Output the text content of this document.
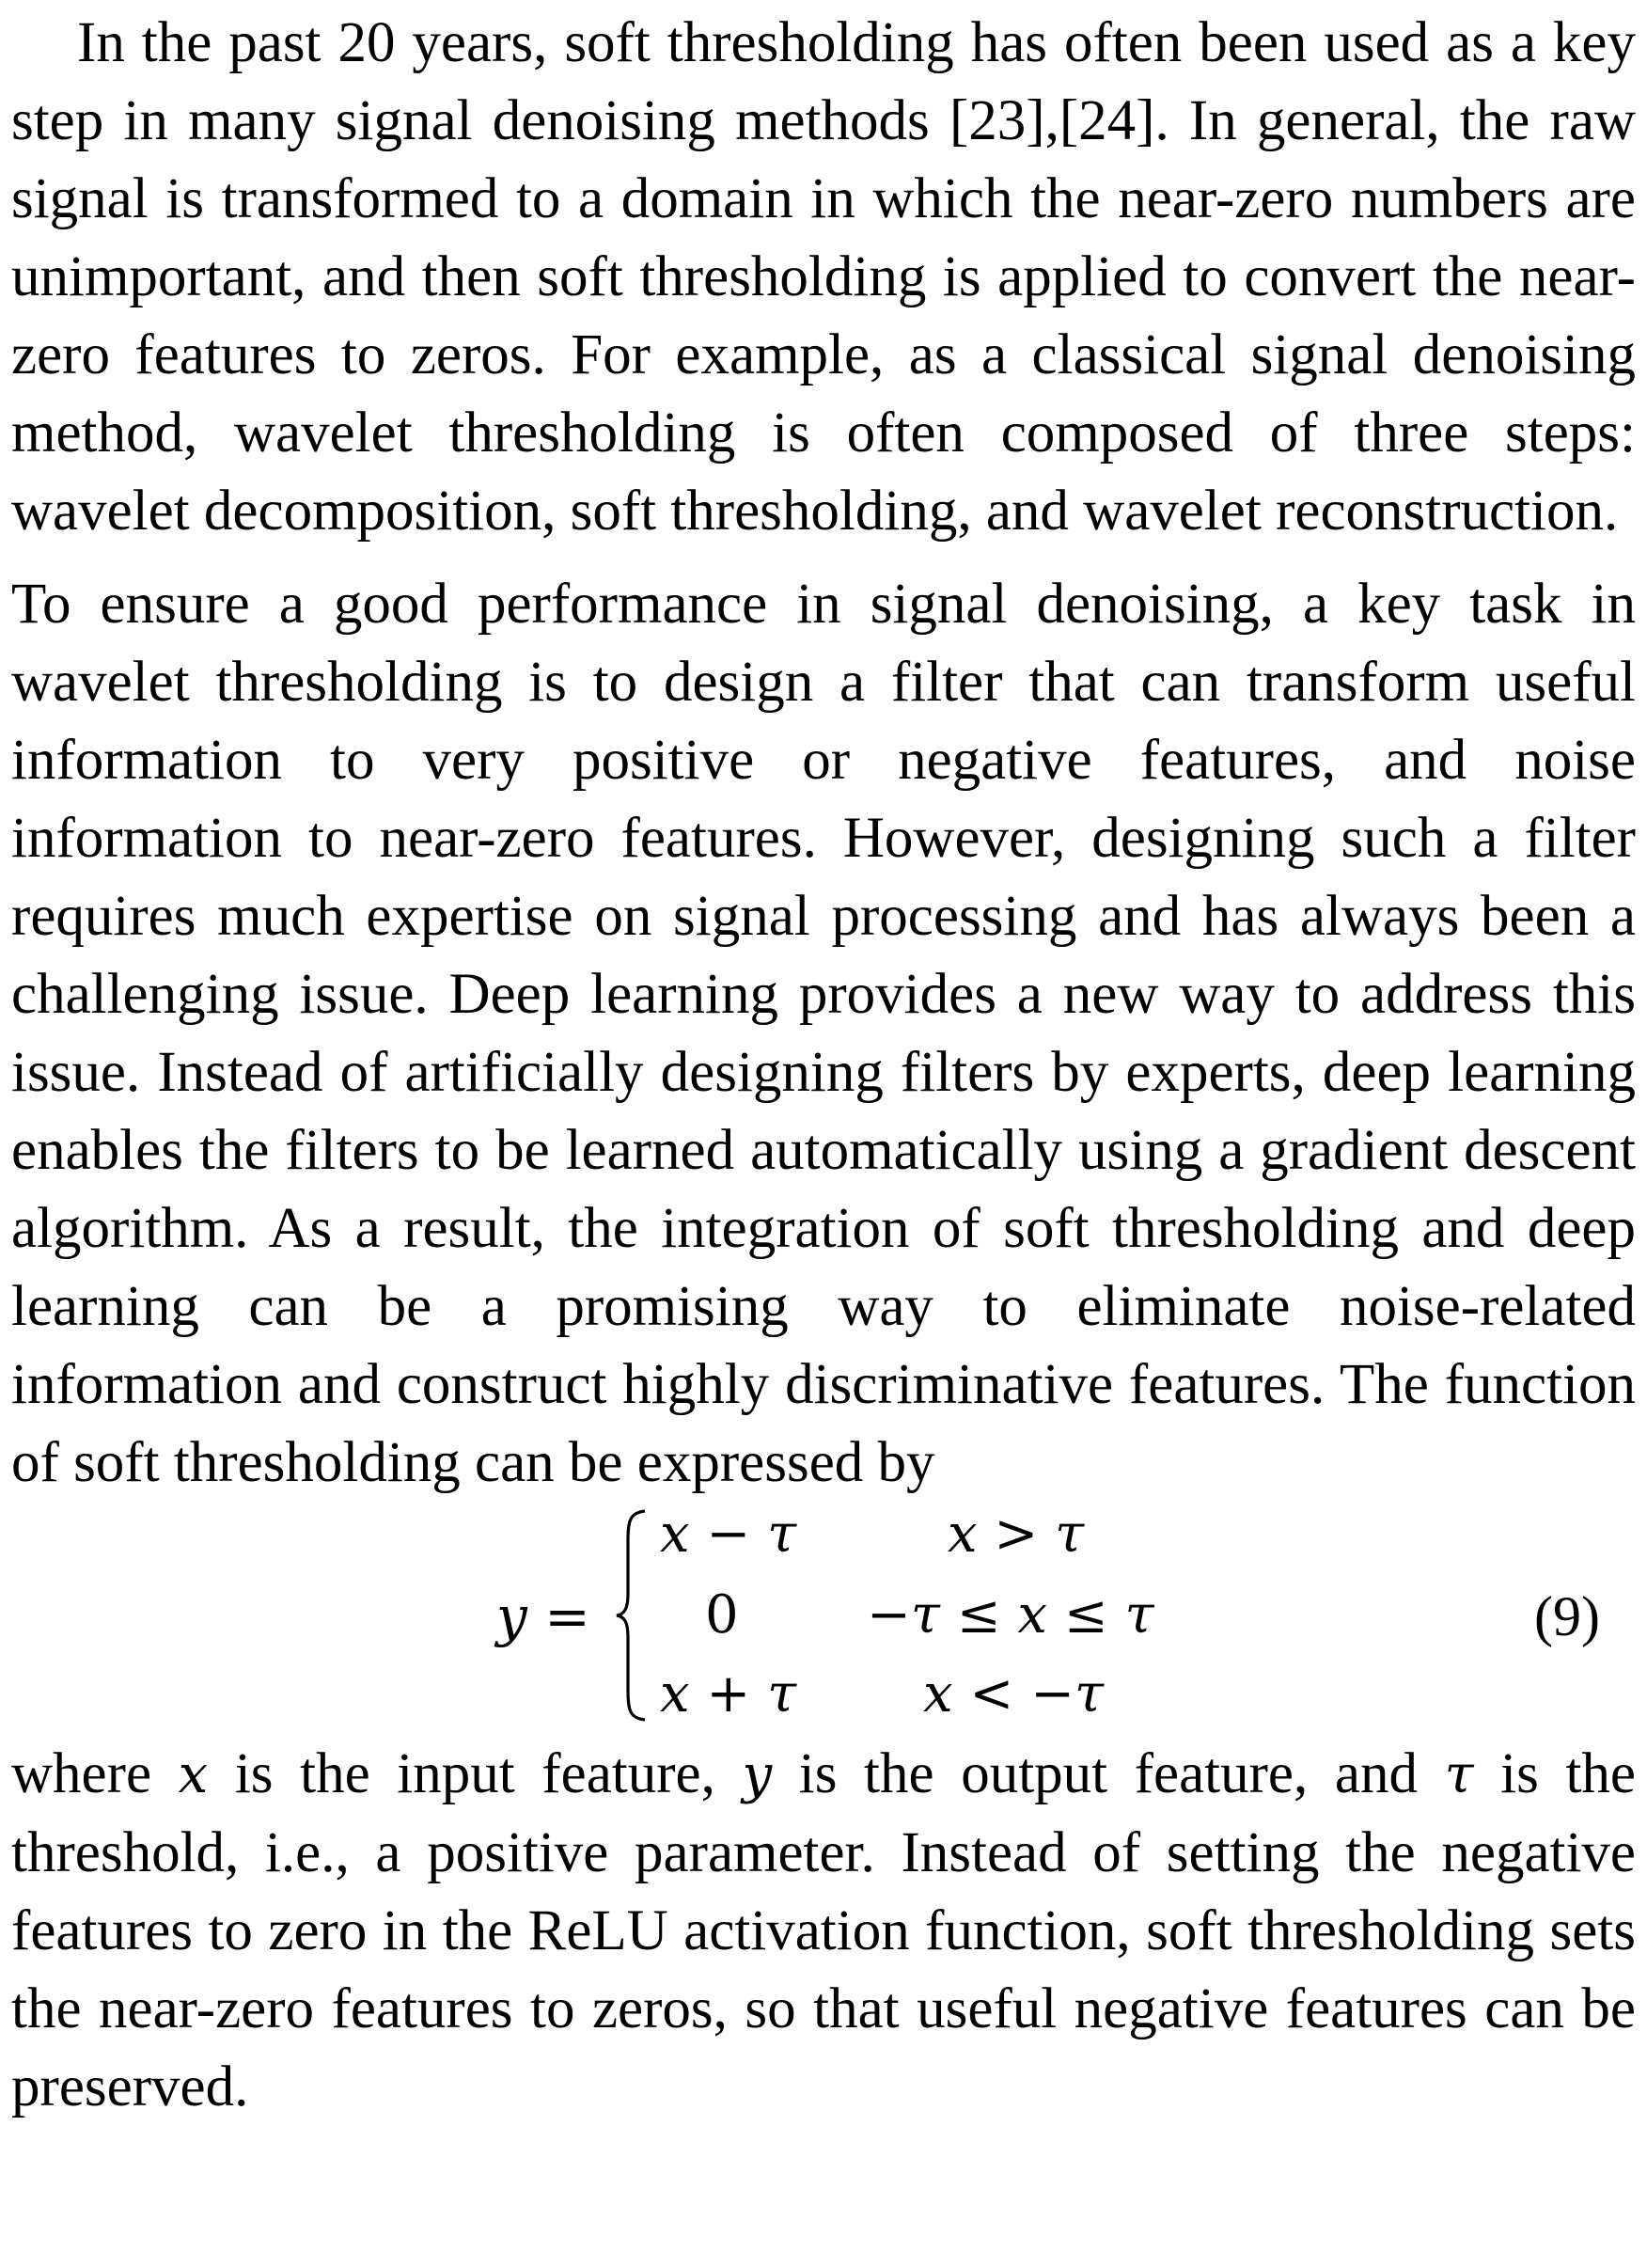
In the past 20 years, soft thresholding has often been used as a key step in many signal denoising methods [23],[24]. In general, the raw signal is transformed to a domain in which the near-zero numbers are unimportant, and then soft thresholding is applied to convert the near-zero features to zeros. For example, as a classical signal denoising method, wavelet thresholding is often composed of three steps: wavelet decomposition, soft thresholding, and wavelet reconstruction.

To ensure a good performance in signal denoising, a key task in wavelet thresholding is to design a filter that can transform useful information to very positive or negative features, and noise information to near-zero features. However, designing such a filter requires much expertise on signal processing and has always been a challenging issue. Deep learning provides a new way to address this issue. Instead of artificially designing filters by experts, deep learning enables the filters to be learned automatically using a gradient descent algorithm. As a result, the integration of soft thresholding and deep learning can be a promising way to eliminate noise-related information and construct highly discriminative features. The function of soft thresholding can be expressed by

y =
x − τ	x > τ
0 −τ ≤ x ≤ τ
x + τ x < −τ
(9)

where x is the input feature, y is the output feature, and τ is the threshold, i.e., a positive parameter. Instead of setting the negative features to zero in the ReLU activation function, soft thresholding sets the near-zero features to zeros, so that useful negative features can be preserved.
